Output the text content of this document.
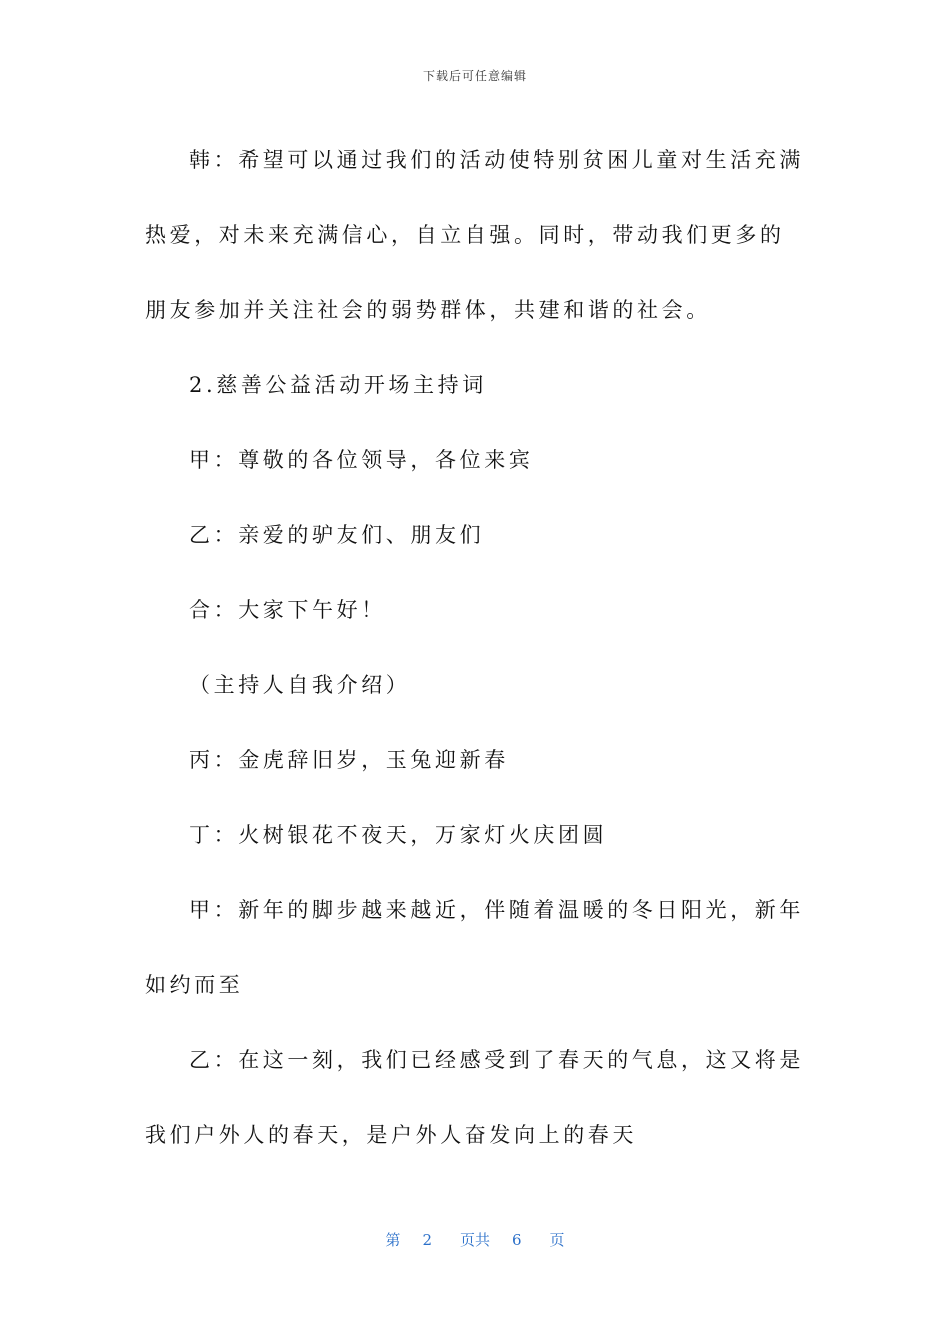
下载后可任意编辑

韩：希望可以通过我们的活动使特别贫困儿童对生活充满热爱，对未来充满信心，自立自强。同时，带动我们更多的朋友参加并关注社会的弱势群体，共建和谐的社会。

2.慈善公益活动开场主持词

甲：尊敬的各位领导，各位来宾

乙：亲爱的驴友们、朋友们

合：大家下午好！

（主持人自我介绍）

丙：金虎辞旧岁，玉兔迎新春

丁：火树银花不夜天，万家灯火庆团圆

甲：新年的脚步越来越近，伴随着温暖的冬日阳光，新年如约而至

乙：在这一刻，我们已经感受到了春天的气息，这又将是我们户外人的春天，是户外人奋发向上的春天

第 2 页共 6 页
